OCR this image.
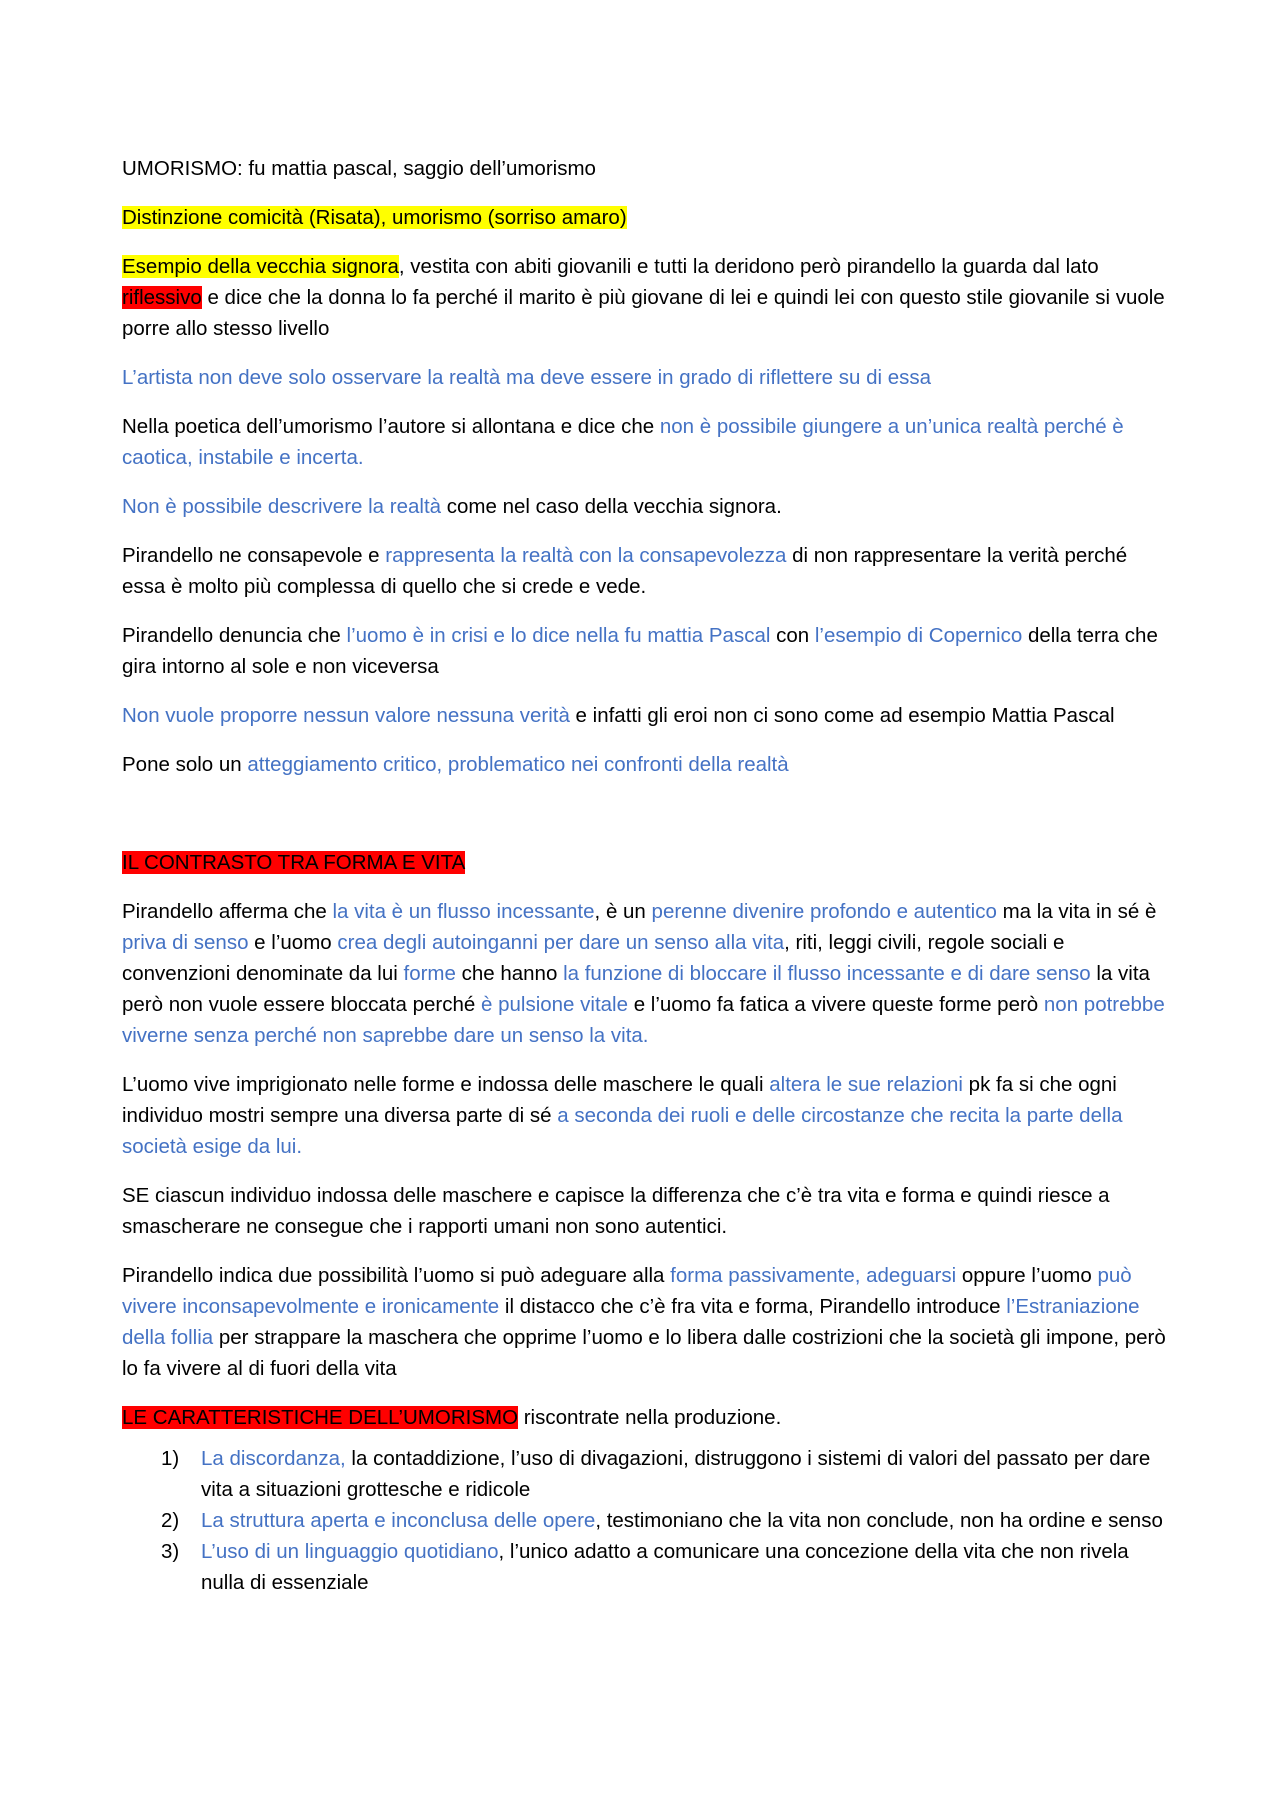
UMORISMO: fu mattia pascal, saggio dell’umorismo

Distinzione comicità (Risata), umorismo (sorriso amaro)

Esempio della vecchia signora, vestita con abiti giovanili e tutti la deridono però pirandello la guarda dal lato riflessivo e dice che la donna lo fa perché il marito è più giovane di lei e quindi lei con questo stile giovanile si vuole porre allo stesso livello

L’artista non deve solo osservare la realtà ma deve essere in grado di riflettere su di essa

Nella poetica dell’umorismo l’autore si allontana e dice che non è possibile giungere a un’unica realtà perché è caotica, instabile e incerta.

Non è possibile descrivere la realtà come nel caso della vecchia signora.

Pirandello ne consapevole e rappresenta la realtà con la consapevolezza di non rappresentare la verità perché essa è molto più complessa di quello che si crede e vede.

Pirandello denuncia che l’uomo è in crisi e lo dice nella fu mattia Pascal con l’esempio di Copernico della terra che gira intorno al sole e non viceversa

Non vuole proporre nessun valore nessuna verità e infatti gli eroi non ci sono come ad esempio Mattia Pascal

Pone solo un atteggiamento critico, problematico nei confronti della realtà

IL CONTRASTO TRA FORMA E VITA

Pirandello afferma che la vita è un flusso incessante, è un perenne divenire profondo e autentico ma la vita in sé è priva di senso e l’uomo crea degli autoinganni per dare un senso alla vita, riti, leggi civili, regole sociali e convenzioni denominate da lui forme che hanno la funzione di bloccare il flusso incessante e di dare senso la vita però non vuole essere bloccata perché è pulsione vitale e l’uomo fa fatica a vivere queste forme però non potrebbe viverne senza perché non saprebbe dare un senso la vita.

L’uomo vive imprigionato nelle forme e indossa delle maschere le quali altera le sue relazioni pk fa si che ogni individuo mostri sempre una diversa parte di sé a seconda dei ruoli e delle circostanze che recita la parte della società esige da lui.

SE ciascun individuo indossa delle maschere e capisce la differenza che c’è tra vita e forma e quindi riesce a smascherare ne consegue che i rapporti umani non sono autentici.

Pirandello indica due possibilità l’uomo si può adeguare alla forma passivamente, adeguarsi oppure l’uomo può vivere inconsapevolmente e ironicamente il distacco che c’è fra vita e forma, Pirandello introduce l’Estraniazione della follia per strappare la maschera che opprime l’uomo e lo libera dalle costrizioni che la società gli impone, però lo fa vivere al di fuori della vita

LE CARATTERISTICHE DELL’UMORISMO riscontrate nella produzione.

1) La discordanza, la contaddizione, l’uso di divagazioni, distruggono i sistemi di valori del passato per dare vita a situazioni grottesche e ridicole
2) La struttura aperta e inconclusa delle opere, testimoniano che la vita non conclude, non ha ordine e senso
3) L’uso di un linguaggio quotidiano, l’unico adatto a comunicare una concezione della vita che non rivela nulla di essenziale
